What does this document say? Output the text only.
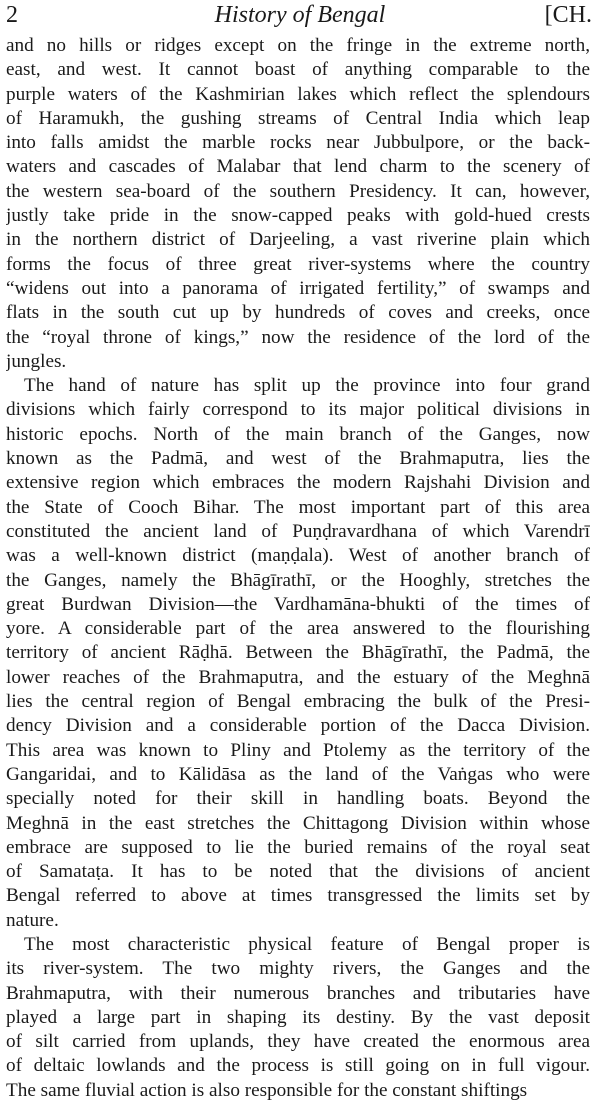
2	History of Bengal	[CH.
and no hills or ridges except on the fringe in the extreme north,
east, and west. It cannot boast of anything comparable to the
purple waters of the Kashmirian lakes which reflect the splendours
of Haramukh, the gushing streams of Central India which leap
into falls amidst the marble rocks near Jubbulpore, or the back-
waters and cascades of Malabar that lend charm to the scenery of
the western sea-board of the southern Presidency. It can, however,
justly take pride in the snow-capped peaks with gold-hued crests
in the northern district of Darjeeling, a vast riverine plain which
forms the focus of three great river-systems where the country
“widens out into a panorama of irrigated fertility,” of swamps and
flats in the south cut up by hundreds of coves and creeks, once
the “royal throne of kings,” now the residence of the lord of the
jungles.
The hand of nature has split up the province into four grand
divisions which fairly correspond to its major political divisions in
historic epochs. North of the main branch of the Ganges, now
known as the Padmā, and west of the Brahmaputra, lies the
extensive region which embraces the modern Rajshahi Division and
the State of Cooch Bihar. The most important part of this area
constituted the ancient land of Puṇḍravardhana of which Varendrī
was a well-known district (maṇḍala). West of another branch of
the Ganges, namely the Bhāgīrathī, or the Hooghly, stretches the
great Burdwan Division—the Vardhamāna-bhukti of the times of
yore. A considerable part of the area answered to the flourishing
territory of ancient Rāḍhā. Between the Bhāgīrathī, the Padmā, the
lower reaches of the Brahmaputra, and the estuary of the Meghnā
lies the central region of Bengal embracing the bulk of the Presi-
dency Division and a considerable portion of the Dacca Division.
This area was known to Pliny and Ptolemy as the territory of the
Gangaridai, and to Kālidāsa as the land of the Vaṅgas who were
specially noted for their skill in handling boats. Beyond the
Meghnā in the east stretches the Chittagong Division within whose
embrace are supposed to lie the buried remains of the royal seat
of Samataṭa. It has to be noted that the divisions of ancient
Bengal referred to above at times transgressed the limits set by
nature.
The most characteristic physical feature of Bengal proper is
its river-system. The two mighty rivers, the Ganges and the
Brahmaputra, with their numerous branches and tributaries have
played a large part in shaping its destiny. By the vast deposit
of silt carried from uplands, they have created the enormous area
of deltaic lowlands and the process is still going on in full vigour.
The same fluvial action is also responsible for the constant shiftings
